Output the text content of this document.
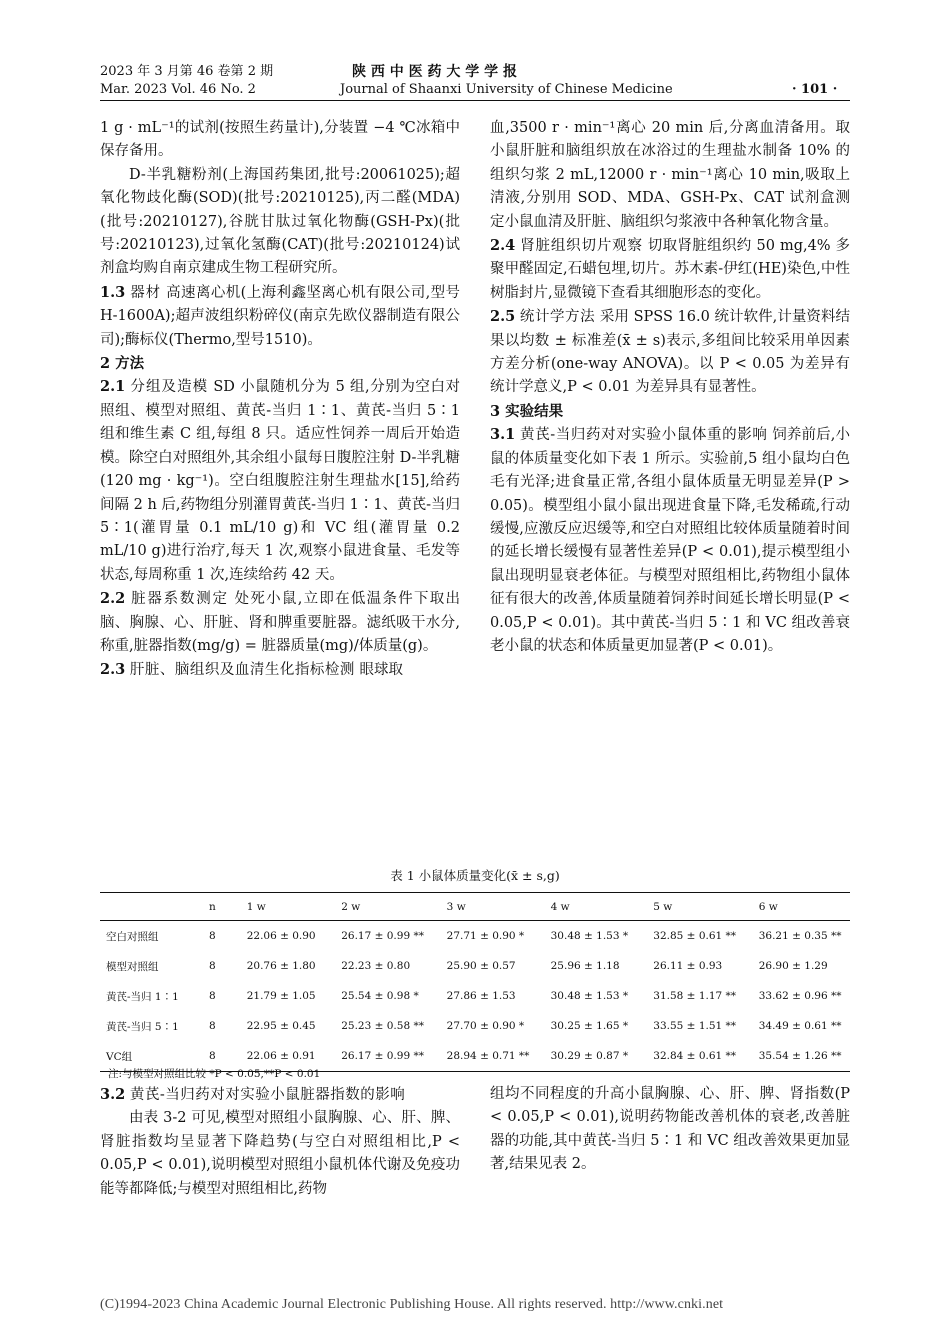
2023 年 3 月第 46 卷第 2 期
Mar. 2023 Vol. 46 No. 2
陕 西 中 医 药 大 学 学 报
Journal of Shaanxi University of Chinese Medicine	· 101 ·

1 g · mL⁻¹的试剂(按照生药量计),分装置 −4 ℃冰箱中保存备用。

D-半乳糖粉剂(上海国药集团,批号:20061025);超氧化物歧化酶(SOD)(批号:20210125),丙二醛(MDA)(批号:20210127),谷胱甘肽过氧化物酶(GSH-Px)(批号:20210123),过氧化氢酶(CAT)(批号:20210124)试剂盒均购自南京建成生物工程研究所。

1.3 器材 高速离心机(上海利鑫坚离心机有限公司,型号 H-1600A);超声波组织粉碎仪(南京先欧仪器制造有限公司);酶标仪(Thermo,型号1510)。

2 方法

2.1 分组及造模 SD 小鼠随机分为 5 组,分别为空白对照组、模型对照组、黄芪-当归 1∶1、黄芪-当归 5∶1 组和维生素 C 组,每组 8 只。适应性饲养一周后开始造模。除空白对照组外,其余组小鼠每日腹腔注射 D-半乳糖(120 mg · kg⁻¹)。空白组腹腔注射生理盐水[15],给药间隔 2 h 后,药物组分别灌胃黄芪-当归 1∶1、黄芪-当归 5∶1(灌胃量 0.1 mL/10 g)和 VC 组(灌胃量 0.2 mL/10 g)进行治疗,每天 1 次,观察小鼠进食量、毛发等状态,每周称重 1 次,连续给药 42 天。

2.2 脏器系数测定 处死小鼠,立即在低温条件下取出脑、胸腺、心、肝脏、肾和脾重要脏器。滤纸吸干水分,称重,脏器指数(mg/g) = 脏器质量(mg)/体质量(g)。

2.3 肝脏、脑组织及血清生化指标检测 眼球取

血,3500 r · min⁻¹离心 20 min 后,分离血清备用。取小鼠肝脏和脑组织放在冰浴过的生理盐水制备 10% 的组织匀浆 2 mL,12000 r · min⁻¹离心 10 min,吸取上清液,分别用 SOD、MDA、GSH-Px、CAT 试剂盒测定小鼠血清及肝脏、脑组织匀浆液中各种氧化物含量。

2.4 肾脏组织切片观察 切取肾脏组织约 50 mg,4% 多聚甲醛固定,石蜡包埋,切片。苏木素-伊红(HE)染色,中性树脂封片,显微镜下查看其细胞形态的变化。

2.5 统计学方法 采用 SPSS 16.0 统计软件,计量资料结果以均数 ± 标准差(x̄ ± s)表示,多组间比较采用单因素方差分析(one-way ANOVA)。以 P < 0.05 为差异有统计学意义,P < 0.01 为差异具有显著性。

3 实验结果

3.1 黄芪-当归药对对实验小鼠体重的影响 饲养前后,小鼠的体质量变化如下表 1 所示。实验前,5 组小鼠均白色毛有光泽;进食量正常,各组小鼠体质量无明显差异(P > 0.05)。模型组小鼠小鼠出现进食量下降,毛发稀疏,行动缓慢,应激反应迟缓等,和空白对照组比较体质量随着时间的延长增长缓慢有显著性差异(P < 0.01),提示模型组小鼠出现明显衰老体征。与模型对照组相比,药物组小鼠体征有很大的改善,体质量随着饲养时间延长增长明显(P < 0.05,P < 0.01)。其中黄芪-当归 5∶1 和 VC 组改善衰老小鼠的状态和体质量更加显著(P < 0.01)。

表 1 小鼠体质量变化(x̄ ± s,g)
	n	1 w	2 w	3 w	4 w	5 w	6 w
空白对照组	8	22.06 ± 0.90	26.17 ± 0.99 **	27.71 ± 0.90 *	30.48 ± 1.53 *	32.85 ± 0.61 **	36.21 ± 0.35 **
模型对照组	8	20.76 ± 1.80	22.23 ± 0.80	25.90 ± 0.57	25.96 ± 1.18	26.11 ± 0.93	26.90 ± 1.29
黄芪-当归 1∶1	8	21.79 ± 1.05	25.54 ± 0.98 *	27.86 ± 1.53	30.48 ± 1.53 *	31.58 ± 1.17 **	33.62 ± 0.96 **
黄芪-当归 5∶1	8	22.95 ± 0.45	25.23 ± 0.58 **	27.70 ± 0.90 *	30.25 ± 1.65 *	33.55 ± 1.51 **	34.49 ± 0.61 **
VC组	8	22.06 ± 0.91	26.17 ± 0.99 **	28.94 ± 0.71 **	30.29 ± 0.87 *	32.84 ± 0.61 **	35.54 ± 1.26 **
注:与模型对照组比较 *P < 0.05,**P < 0.01

3.2 黄芪-当归药对对实验小鼠脏器指数的影响

由表 3-2 可见,模型对照组小鼠胸腺、心、肝、脾、肾脏指数均呈显著下降趋势(与空白对照组相比,P < 0.05,P < 0.01),说明模型对照组小鼠机体代谢及免疫功能等都降低;与模型对照组相比,药物

组均不同程度的升高小鼠胸腺、心、肝、脾、肾指数(P < 0.05,P < 0.01),说明药物能改善机体的衰老,改善脏器的功能,其中黄芪-当归 5∶1 和 VC 组改善效果更加显著,结果见表 2。

(C)1994-2023 China Academic Journal Electronic Publishing House. All rights reserved. http://www.cnki.net
